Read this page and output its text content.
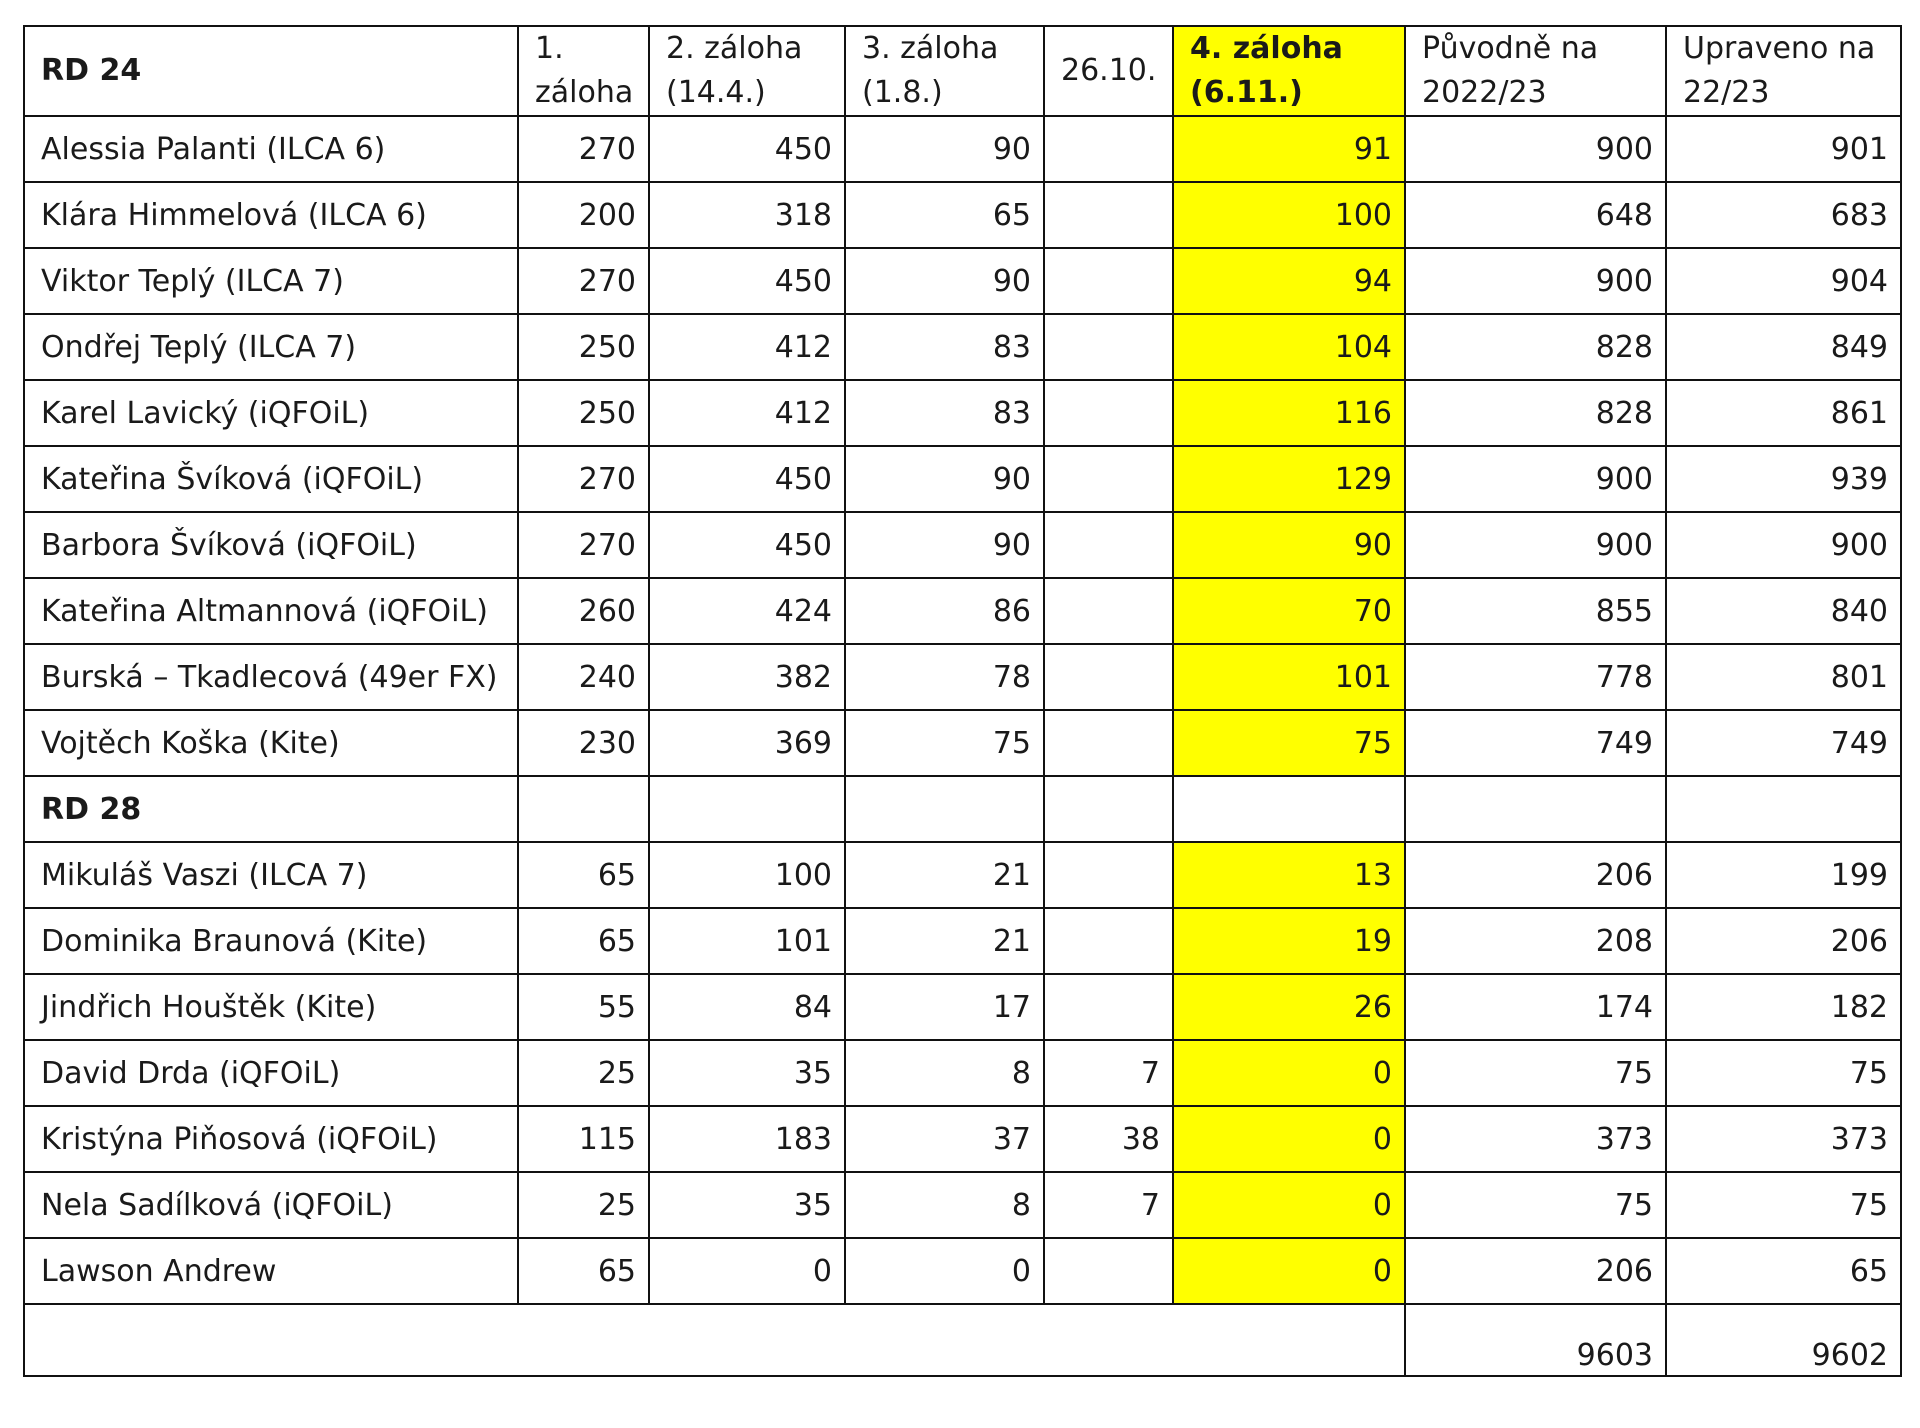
RD 24	1. záloha	2. záloha (14.4.)	3. záloha (1.8.)	26.10.	4. záloha (6.11.)	Původně na 2022/23	Upraveno na 22/23
Alessia Palanti (ILCA 6)	270	450	90		91	900	901
Klára Himmelová (ILCA 6)	200	318	65		100	648	683
Viktor Teplý (ILCA 7)	270	450	90		94	900	904
Ondřej Teplý (ILCA 7)	250	412	83		104	828	849
Karel Lavický (iQFOiL)	250	412	83		116	828	861
Kateřina Švíková (iQFOiL)	270	450	90		129	900	939
Barbora Švíková (iQFOiL)	270	450	90		90	900	900
Kateřina Altmannová (iQFOiL)	260	424	86		70	855	840
Burská – Tkadlecová (49er FX)	240	382	78		101	778	801
Vojtěch Koška (Kite)	230	369	75		75	749	749
RD 28							
Mikuláš Vaszi (ILCA 7)	65	100	21		13	206	199
Dominika Braunová (Kite)	65	101	21		19	208	206
Jindřich Houštěk (Kite)	55	84	17		26	174	182
David Drda (iQFOiL)	25	35	8	7	0	75	75
Kristýna Piňosová (iQFOiL)	115	183	37	38	0	373	373
Nela Sadílková (iQFOiL)	25	35	8	7	0	75	75
Lawson Andrew	65	0	0		0	206	65
						9603	9602
